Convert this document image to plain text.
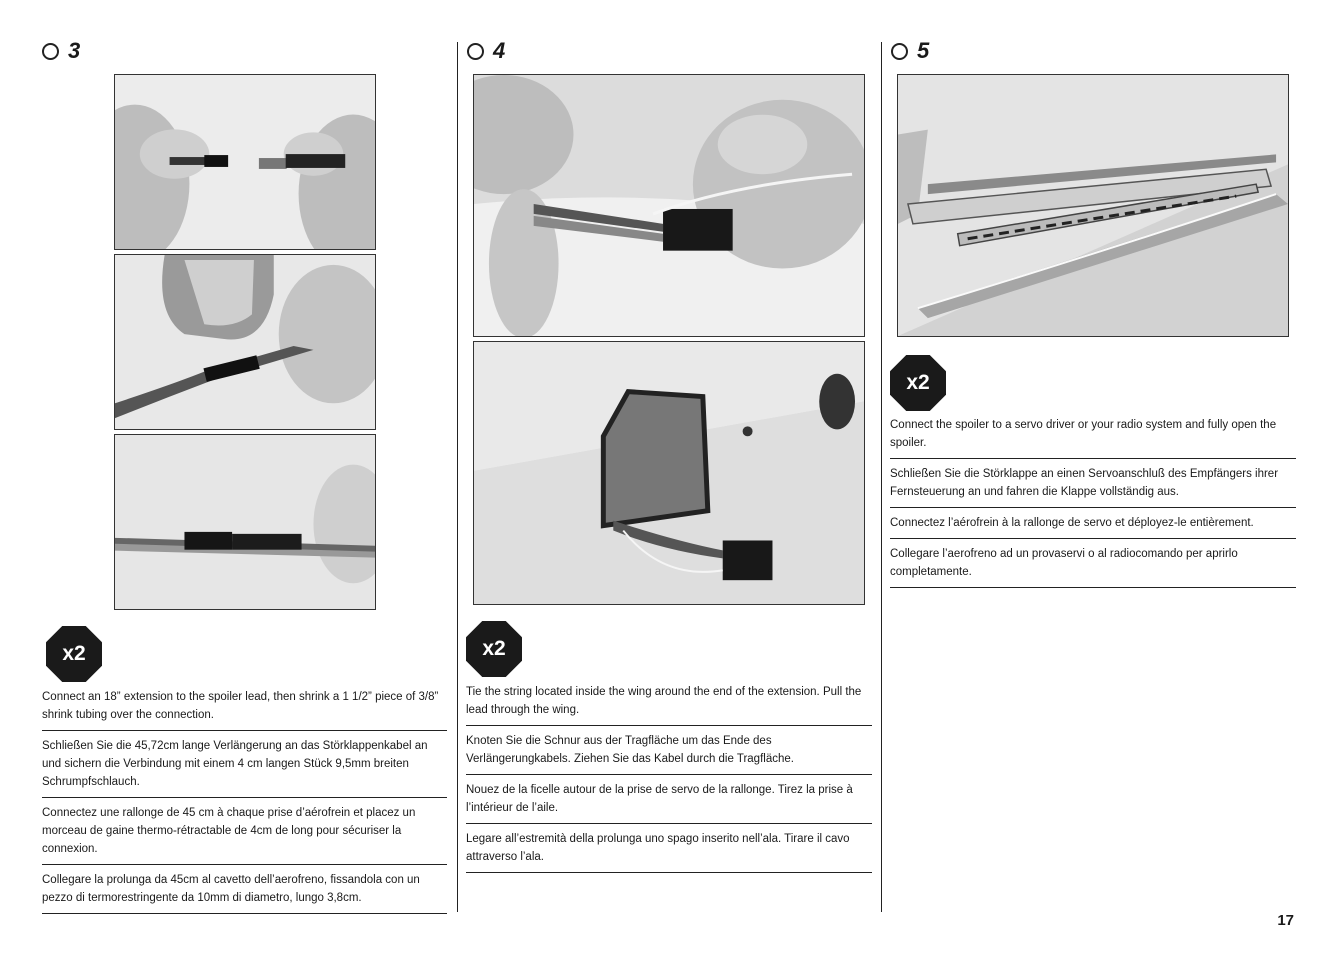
3
x2
Connect an 18” extension to the spoiler lead, then shrink a 1 1/2” piece of 3/8” shrink tubing over the connection.
Schließen Sie die 45,72cm lange Verlängerung an das Störklappenkabel an und sichern die Verbindung mit einem 4 cm langen Stück 9,5mm breiten Schrumpfschlauch.
Connectez une rallonge de 45 cm à chaque prise d’aérofrein et placez un morceau de gaine thermo-rétractable de 4cm de long pour sécuriser la connexion.
Collegare la prolunga da 45cm al cavetto dell’aerofreno, fissandola con un pezzo di termorestringente da 10mm di diametro, lungo 3,8cm.
4
x2
Tie the string located inside the wing around the end of the extension. Pull the lead through the wing.
Knoten Sie die Schnur aus der Tragfläche um das Ende des Verlängerungkabels. Ziehen Sie das Kabel durch die Tragfläche.
Nouez de la ficelle autour de la prise de servo de la rallonge. Tirez la prise à l’intérieur de l’aile.
Legare all’estremità della prolunga uno spago inserito nell’ala. Tirare il cavo attraverso l’ala.
5
x2
Connect the spoiler to a servo driver or your radio system and fully open the spoiler.
Schließen Sie die Störklappe an einen Servoanschluß des Empfängers ihrer Fernsteuerung an und fahren die Klappe vollständig aus.
Connectez l’aérofrein à la rallonge de servo et déployez-le entièrement.
Collegare l’aerofreno ad un provaservi o al radiocomando per aprirlo completamente.
17
